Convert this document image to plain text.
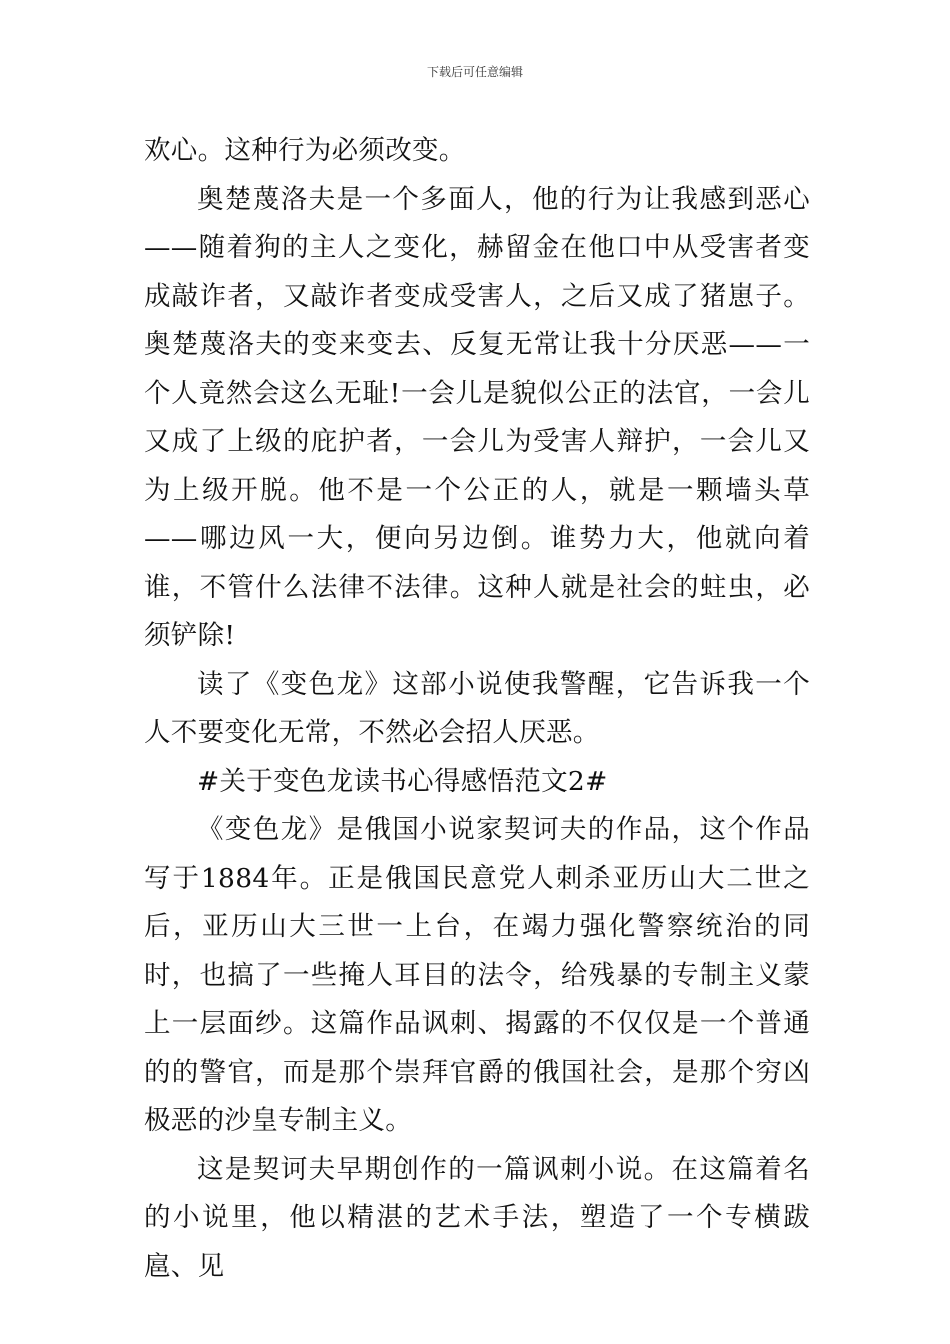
下载后可任意编辑

欢心。这种行为必须改变。

奥楚蔑洛夫是一个多面人，他的行为让我感到恶心——随着狗的主人之变化，赫留金在他口中从受害者变成敲诈者，又敲诈者变成受害人，之后又成了猪崽子。奥楚蔑洛夫的变来变去、反复无常让我十分厌恶——一个人竟然会这么无耻!一会儿是貌似公正的法官，一会儿又成了上级的庇护者，一会儿为受害人辩护，一会儿又为上级开脱。他不是一个公正的人，就是一颗墙头草——哪边风一大，便向另边倒。谁势力大，他就向着谁，不管什么法律不法律。这种人就是社会的蛀虫，必须铲除!

读了《变色龙》这部小说使我警醒，它告诉我一个人不要变化无常，不然必会招人厌恶。

#关于变色龙读书心得感悟范文2#

《变色龙》是俄国小说家契诃夫的作品，这个作品写于1884年。正是俄国民意党人刺杀亚历山大二世之后，亚历山大三世一上台，在竭力强化警察统治的同时，也搞了一些掩人耳目的法令，给残暴的专制主义蒙上一层面纱。这篇作品讽刺、揭露的不仅仅是一个普通的的警官，而是那个崇拜官爵的俄国社会，是那个穷凶极恶的沙皇专制主义。

这是契诃夫早期创作的一篇讽刺小说。在这篇着名的小说里，他以精湛的艺术手法，塑造了一个专横跋扈、见
